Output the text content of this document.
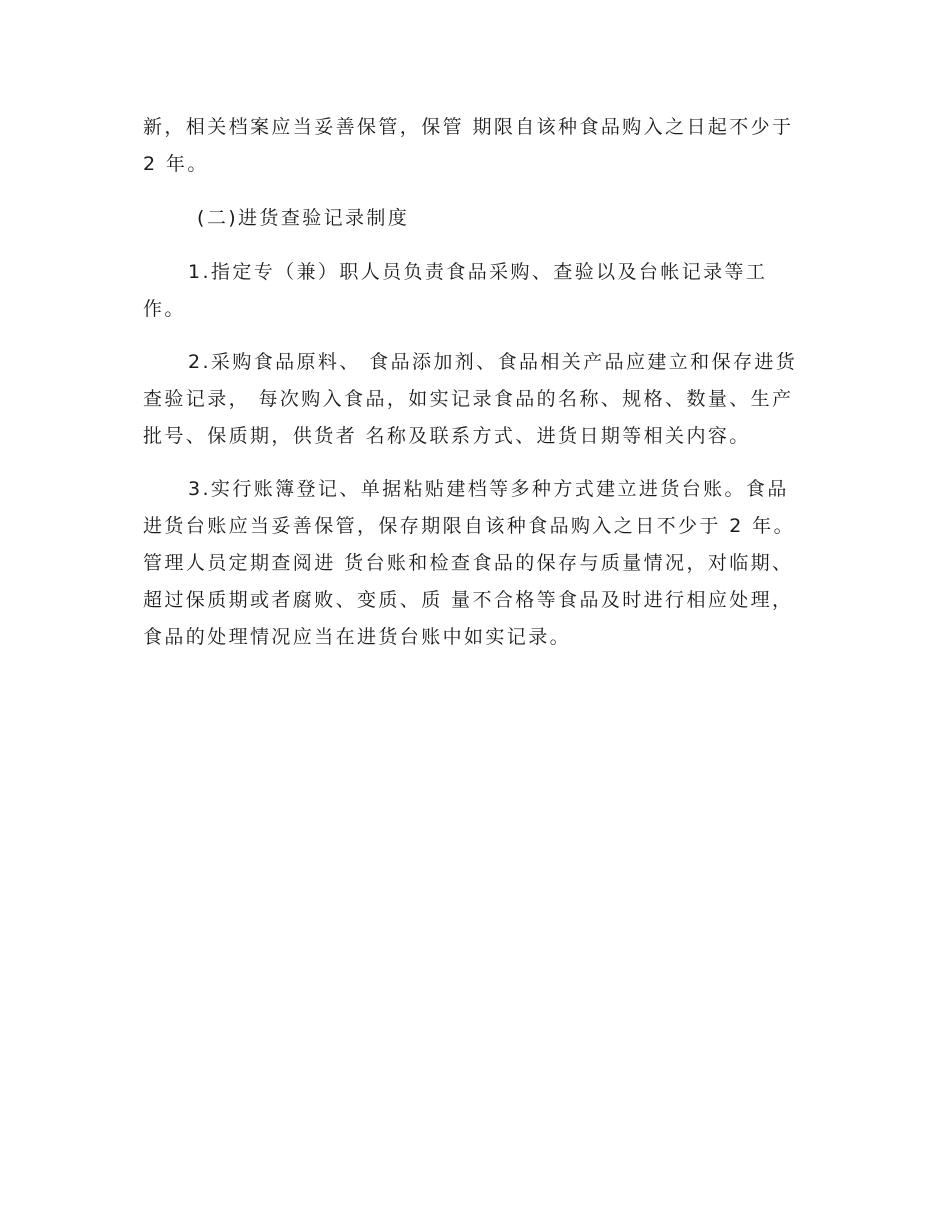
新，相关档案应当妥善保管，保管 期限自该种食品购入之日起不少于
2 年。
(二)进货查验记录制度
1.指定专（兼）职人员负责食品采购、查验以及台帐记录等工
作。
2.采购食品原料、 食品添加剂、食品相关产品应建立和保存进货
查验记录， 每次购入食品，如实记录食品的名称、规格、数量、生产
批号、保质期，供货者 名称及联系方式、进货日期等相关内容。
3.实行账簿登记、单据粘贴建档等多种方式建立进货台账。食品
进货台账应当妥善保管，保存期限自该种食品购入之日不少于 2 年。
管理人员定期查阅进 货台账和检查食品的保存与质量情况，对临期、
超过保质期或者腐败、变质、质 量不合格等食品及时进行相应处理，
食品的处理情况应当在进货台账中如实记录。
